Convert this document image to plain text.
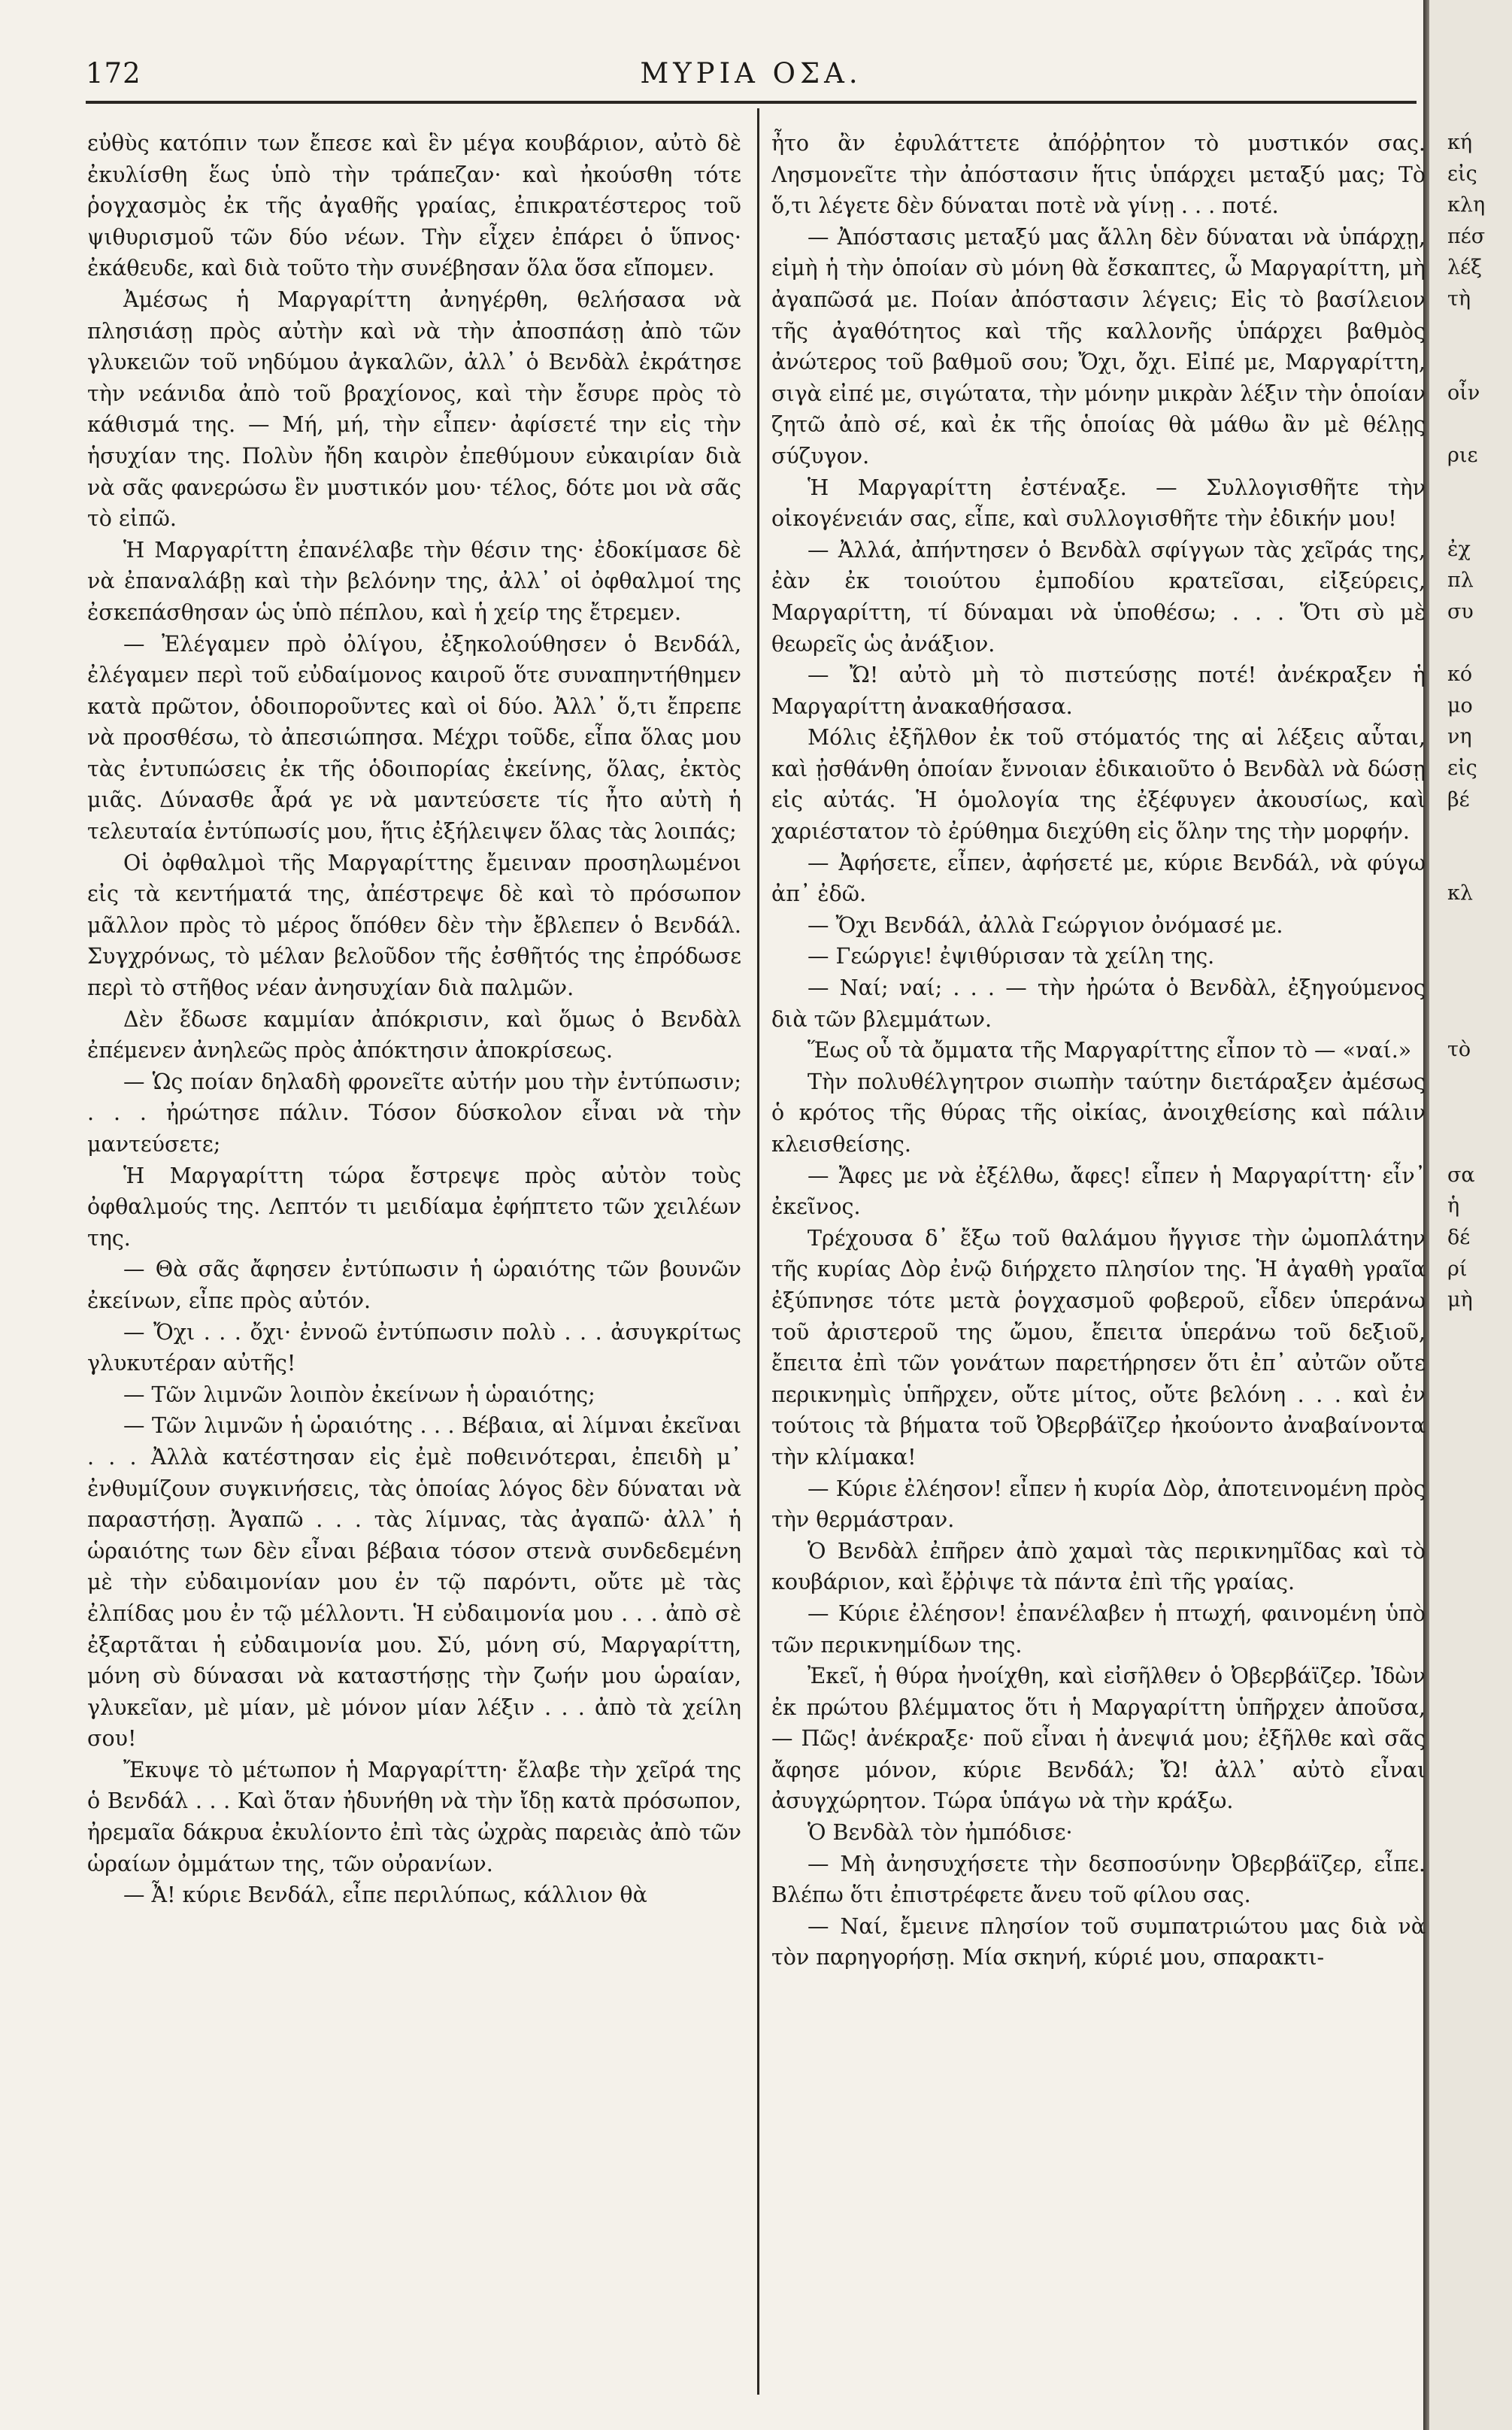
κή
εἰς
κλη
πέσ
λέξ
τὴ
οἶν
ριε
ἐχ
πλ
συ
κό
μο
νη
εἰς
βέ
κλ
τὸ
σα
ἡ
δέ
ρί
μὴ
172	ΜΥΡΙΑ ΟΣΑ.

εὐθὺς κατόπιν των ἔπεσε καὶ ἓν μέγα κουβάριον, αὐτὸ δὲ ἐκυλίσθη ἕως ὑπὸ τὴν τράπεζαν· καὶ ἠκούσθη τότε ῥογχασμὸς ἐκ τῆς ἀγαθῆς γραίας, ἐπικρατέστερος τοῦ ψιθυρισμοῦ τῶν δύο νέων. Τὴν εἶχεν ἐπάρει ὁ ὕπνος· ἐκάθευδε, καὶ διὰ τοῦτο τὴν συνέβησαν ὅλα ὅσα εἴπομεν.

Ἀμέσως ἡ Μαργαρίττη ἀνηγέρθη, θελήσασα νὰ πλησιάσῃ πρὸς αὐτὴν καὶ νὰ τὴν ἀποσπάσῃ ἀπὸ τῶν γλυκειῶν τοῦ νηδύμου ἀγκαλῶν, ἀλλ᾽ ὁ Βενδὰλ ἐκράτησε τὴν νεάνιδα ἀπὸ τοῦ βραχίονος, καὶ τὴν ἔσυρε πρὸς τὸ κάθισμά της. — Μή, μή, τὴν εἶπεν· ἀφίσετέ την εἰς τὴν ἡσυχίαν της. Πολὺν ἤδη καιρὸν ἐπεθύμουν εὐκαιρίαν διὰ νὰ σᾶς φανερώσω ἓν μυστικόν μου· τέλος, δότε μοι νὰ σᾶς τὸ εἰπῶ.

Ἡ Μαργαρίττη ἐπανέλαβε τὴν θέσιν της· ἐδοκίμασε δὲ νὰ ἐπαναλάβῃ καὶ τὴν βελόνην της, ἀλλ᾽ οἱ ὀφθαλμοί της ἐσκεπάσθησαν ὡς ὑπὸ πέπλου, καὶ ἡ χείρ της ἔτρεμεν.

— Ἐλέγαμεν πρὸ ὀλίγου, ἐξηκολούθησεν ὁ Βενδάλ, ἐλέγαμεν περὶ τοῦ εὐδαίμονος καιροῦ ὅτε συναπηντήθημεν κατὰ πρῶτον, ὁδοιποροῦντες καὶ οἱ δύο. Ἀλλ᾽ ὅ,τι ἔπρεπε νὰ προσθέσω, τὸ ἀπεσιώπησα. Μέχρι τοῦδε, εἶπα ὅλας μου τὰς ἐντυπώσεις ἐκ τῆς ὁδοιπορίας ἐκείνης, ὅλας, ἐκτὸς μιᾶς. Δύνασθε ἆρά γε νὰ μαντεύσετε τίς ἦτο αὐτὴ ἡ τελευταία ἐντύπωσίς μου, ἥτις ἐξήλειψεν ὅλας τὰς λοιπάς;

Οἱ ὀφθαλμοὶ τῆς Μαργαρίττης ἔμειναν προσηλωμένοι εἰς τὰ κεντήματά της, ἀπέστρεψε δὲ καὶ τὸ πρόσωπον μᾶλλον πρὸς τὸ μέρος ὅπόθεν δὲν τὴν ἔβλεπεν ὁ Βενδάλ. Συγχρόνως, τὸ μέλαν βελοῦδον τῆς ἐσθῆτός της ἐπρόδωσε περὶ τὸ στῆθος νέαν ἀνησυχίαν διὰ παλμῶν.

Δὲν ἔδωσε καμμίαν ἀπόκρισιν, καὶ ὅμως ὁ Βενδὰλ ἐπέμενεν ἀνηλεῶς πρὸς ἀπόκτησιν ἀποκρίσεως.

— Ὡς ποίαν δηλαδὴ φρονεῖτε αὐτήν μου τὴν ἐντύπωσιν; . . . ἠρώτησε πάλιν. Τόσον δύσκολον εἶναι νὰ τὴν μαντεύσετε;

Ἡ Μαργαρίττη τώρα ἔστρεψε πρὸς αὐτὸν τοὺς ὀφθαλμούς της. Λεπτόν τι μειδίαμα ἐφήπτετο τῶν χειλέων της.

— Θὰ σᾶς ἄφησεν ἐντύπωσιν ἡ ὡραιότης τῶν βουνῶν ἐκείνων, εἶπε πρὸς αὐτόν.

— Ὄχι . . . ὄχι· ἐννοῶ ἐντύπωσιν πολὺ . . . ἀσυγκρίτως γλυκυτέραν αὐτῆς!

— Τῶν λιμνῶν λοιπὸν ἐκείνων ἡ ὡραιότης;

— Τῶν λιμνῶν ἡ ὡραιότης . . . Βέβαια, αἱ λίμναι ἐκεῖναι . . . Ἀλλὰ κατέστησαν εἰς ἐμὲ ποθεινότεραι, ἐπειδὴ μ᾽ ἐνθυμίζουν συγκινήσεις, τὰς ὁποίας λόγος δὲν δύναται νὰ παραστήσῃ. Ἀγαπῶ . . . τὰς λίμνας, τὰς ἀγαπῶ· ἀλλ᾽ ἡ ὡραιότης των δὲν εἶναι βέβαια τόσον στενὰ συνδεδεμένη μὲ τὴν εὐδαιμονίαν μου ἐν τῷ παρόντι, οὔτε μὲ τὰς ἐλπίδας μου ἐν τῷ μέλλοντι. Ἡ εὐδαιμονία μου . . . ἀπὸ σὲ ἐξαρτᾶται ἡ εὐδαιμονία μου. Σύ, μόνη σύ, Μαργαρίττη, μόνη σὺ δύνασαι νὰ καταστήσῃς τὴν ζωήν μου ὡραίαν, γλυκεῖαν, μὲ μίαν, μὲ μόνον μίαν λέξιν . . . ἀπὸ τὰ χείλη σου!

Ἔκυψε τὸ μέτωπον ἡ Μαργαρίττη· ἔλαβε τὴν χεῖρά της ὁ Βενδάλ . . . Καὶ ὅταν ἠδυνήθη νὰ τὴν ἴδῃ κατὰ πρόσωπον, ἠρεμαῖα δάκρυα ἐκυλίοντο ἐπὶ τὰς ὠχρὰς παρειὰς ἀπὸ τῶν ὡραίων ὀμμάτων της, τῶν οὐρανίων.

— Ἆ! κύριε Βενδάλ, εἶπε περιλύπως, κάλλιον θὰ

ἦτο ἂν ἐφυλάττετε ἀπόῤῥητον τὸ μυστικόν σας. Λησμονεῖτε τὴν ἀπόστασιν ἥτις ὑπάρχει μεταξύ μας; Τὸ ὅ,τι λέγετε δὲν δύναται ποτὲ νὰ γίνῃ . . . ποτέ.

— Ἀπόστασις μεταξύ μας ἄλλη δὲν δύναται νὰ ὑπάρχῃ, εἰμὴ ἡ τὴν ὁποίαν σὺ μόνη θὰ ἔσκαπτες, ὦ Μαργαρίττη, μὴ ἀγαπῶσά με. Ποίαν ἀπόστασιν λέγεις; Εἰς τὸ βασίλειον τῆς ἀγαθότητος καὶ τῆς καλλονῆς ὑπάρχει βαθμὸς ἀνώτερος τοῦ βαθμοῦ σου; Ὄχι, ὄχι. Εἰπέ με, Μαργαρίττη, σιγὰ εἰπέ με, σιγώτατα, τὴν μόνην μικρὰν λέξιν τὴν ὁποίαν ζητῶ ἀπὸ σέ, καὶ ἐκ τῆς ὁποίας θὰ μάθω ἂν μὲ θέλῃς σύζυγον.

Ἡ Μαργαρίττη ἐστέναξε. — Συλλογισθῆτε τὴν οἰκογένειάν σας, εἶπε, καὶ συλλογισθῆτε τὴν ἐδικήν μου!

— Ἀλλά, ἀπήντησεν ὁ Βενδὰλ σφίγγων τὰς χεῖράς της, ἐὰν ἐκ τοιούτου ἐμποδίου κρατεῖσαι, εἰξεύρεις, Μαργαρίττη, τί δύναμαι νὰ ὑποθέσω; . . . Ὅτι σὺ μὲ θεωρεῖς ὡς ἀνάξιον.

— Ὤ! αὐτὸ μὴ τὸ πιστεύσῃς ποτέ! ἀνέκραξεν ἡ Μαργαρίττη ἀνακαθήσασα.

Μόλις ἐξῆλθον ἐκ τοῦ στόματός της αἱ λέξεις αὗται, καὶ ᾐσθάνθη ὁποίαν ἔννοιαν ἐδικαιοῦτο ὁ Βενδὰλ νὰ δώσῃ εἰς αὐτάς. Ἡ ὁμολογία της ἐξέφυγεν ἀκουσίως, καὶ χαριέστατον τὸ ἐρύθημα διεχύθη εἰς ὅλην της τὴν μορφήν.

— Ἀφήσετε, εἶπεν, ἀφήσετέ με, κύριε Βενδάλ, νὰ φύγω ἀπ᾽ ἐδῶ.

— Ὄχι Βενδάλ, ἀλλὰ Γεώργιον ὀνόμασέ με.

— Γεώργιε! ἐψιθύρισαν τὰ χείλη της.

— Ναί; ναί; . . . — τὴν ἠρώτα ὁ Βενδὰλ, ἐξηγούμενος διὰ τῶν βλεμμάτων.

Ἕως οὗ τὰ ὄμματα τῆς Μαργαρίττης εἶπον τὸ — «ναί.»

Τὴν πολυθέλγητρον σιωπὴν ταύτην διετάραξεν ἀμέσως ὁ κρότος τῆς θύρας τῆς οἰκίας, ἀνοιχθείσης καὶ πάλιν κλεισθείσης.

— Ἄφες με νὰ ἐξέλθω, ἄφες! εἶπεν ἡ Μαργαρίττη· εἶν᾽ ἐκεῖνος.

Τρέχουσα δ᾽ ἔξω τοῦ θαλάμου ἤγγισε τὴν ὠμοπλάτην τῆς κυρίας Δὸρ ἐνῷ διήρχετο πλησίον της. Ἡ ἀγαθὴ γραῖα ἐξύπνησε τότε μετὰ ῥογχασμοῦ φοβεροῦ, εἶδεν ὑπεράνω τοῦ ἀριστεροῦ της ὤμου, ἔπειτα ὑπεράνω τοῦ δεξιοῦ, ἔπειτα ἐπὶ τῶν γονάτων παρετήρησεν ὅτι ἐπ᾽ αὐτῶν οὔτε περικνημὶς ὑπῆρχεν, οὔτε μίτος, οὔτε βελόνη . . . καὶ ἐν τούτοις τὰ βήματα τοῦ Ὀβερβάϊζερ ἠκούοντο ἀναβαίνοντα τὴν κλίμακα!

— Κύριε ἐλέησον! εἶπεν ἡ κυρία Δὸρ, ἀποτεινομένη πρὸς τὴν θερμάστραν.

Ὁ Βενδὰλ ἐπῆρεν ἀπὸ χαμαὶ τὰς περικνημῖδας καὶ τὸ κουβάριον, καὶ ἔῤῥιψε τὰ πάντα ἐπὶ τῆς γραίας.

— Κύριε ἐλέησον! ἐπανέλαβεν ἡ πτωχή, φαινομένη ὑπὸ τῶν περικνημίδων της.

Ἐκεῖ, ἡ θύρα ἠνοίχθη, καὶ εἰσῆλθεν ὁ Ὀβερβάϊζερ. Ἰδὼν ἐκ πρώτου βλέμματος ὅτι ἡ Μαργαρίττη ὑπῆρχεν ἀποῦσα, — Πῶς! ἀνέκραξε· ποῦ εἶναι ἡ ἀνεψιά μου; ἐξῆλθε καὶ σᾶς ἄφησε μόνον, κύριε Βενδάλ; Ὤ! ἀλλ᾽ αὐτὸ εἶναι ἀσυγχώρητον. Τώρα ὑπάγω νὰ τὴν κράξω.

Ὁ Βενδὰλ τὸν ἠμπόδισε·

— Μὴ ἀνησυχήσετε τὴν δεσποσύνην Ὀβερβάϊζερ, εἶπε. Βλέπω ὅτι ἐπιστρέφετε ἄνευ τοῦ φίλου σας.

— Ναί, ἔμεινε πλησίον τοῦ συμπατριώτου μας διὰ νὰ τὸν παρηγορήσῃ. Μία σκηνή, κύριέ μου, σπαρακτι-
